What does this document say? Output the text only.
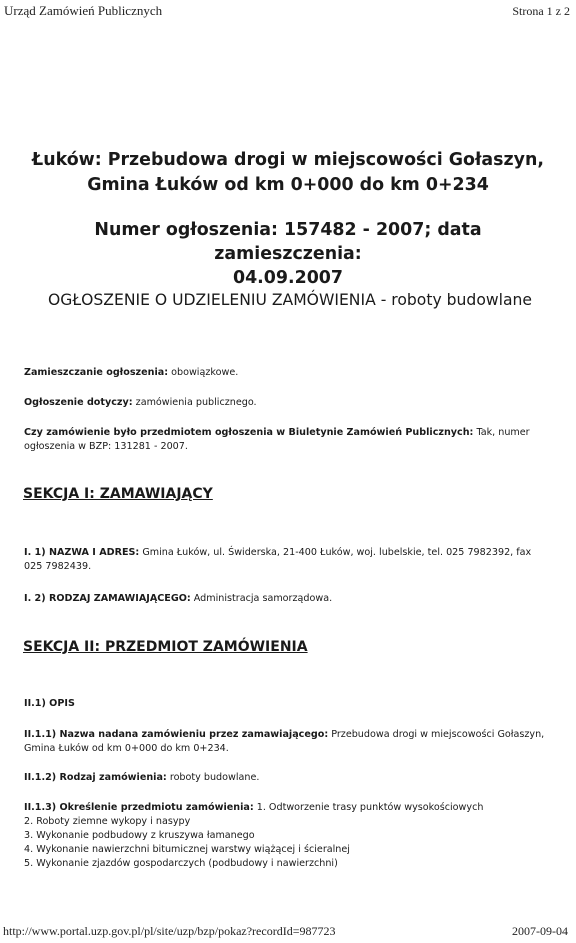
Urząd Zamówień Publicznych	Strona 1 z 2
Łuków: Przebudowa drogi w miejscowości Gołaszyn,
Gmina Łuków od km 0+000 do km 0+234
Numer ogłoszenia: 157482 - 2007; data zamieszczenia:
04.09.2007
OGŁOSZENIE O UDZIELENIU ZAMÓWIENIA - roboty budowlane
Zamieszczanie ogłoszenia: obowiązkowe.
Ogłoszenie dotyczy: zamówienia publicznego.
Czy zamówienie było przedmiotem ogłoszenia w Biuletynie Zamówień Publicznych: Tak, numer ogłoszenia w BZP: 131281 - 2007.
SEKCJA I: ZAMAWIAJĄCY
I. 1) NAZWA I ADRES: Gmina Łuków, ul. Świderska, 21-400 Łuków, woj. lubelskie, tel. 025 7982392, fax 025 7982439.
I. 2) RODZAJ ZAMAWIAJĄCEGO: Administracja samorządowa.
SEKCJA II: PRZEDMIOT ZAMÓWIENIA
II.1) OPIS
II.1.1) Nazwa nadana zamówieniu przez zamawiającego: Przebudowa drogi w miejscowości Gołaszyn, Gmina Łuków od km 0+000 do km 0+234.
II.1.2) Rodzaj zamówienia: roboty budowlane.
II.1.3) Określenie przedmiotu zamówienia: 1. Odtworzenie trasy punktów wysokościowych
2. Roboty ziemne wykopy i nasypy
3. Wykonanie podbudowy z kruszywa łamanego
4. Wykonanie nawierzchni bitumicznej warstwy wiążącej i ścieralnej
5. Wykonanie zjazdów gospodarczych (podbudowy i nawierzchni)
http://www.portal.uzp.gov.pl/pl/site/uzp/bzp/pokaz?recordId=987723	2007-09-04
